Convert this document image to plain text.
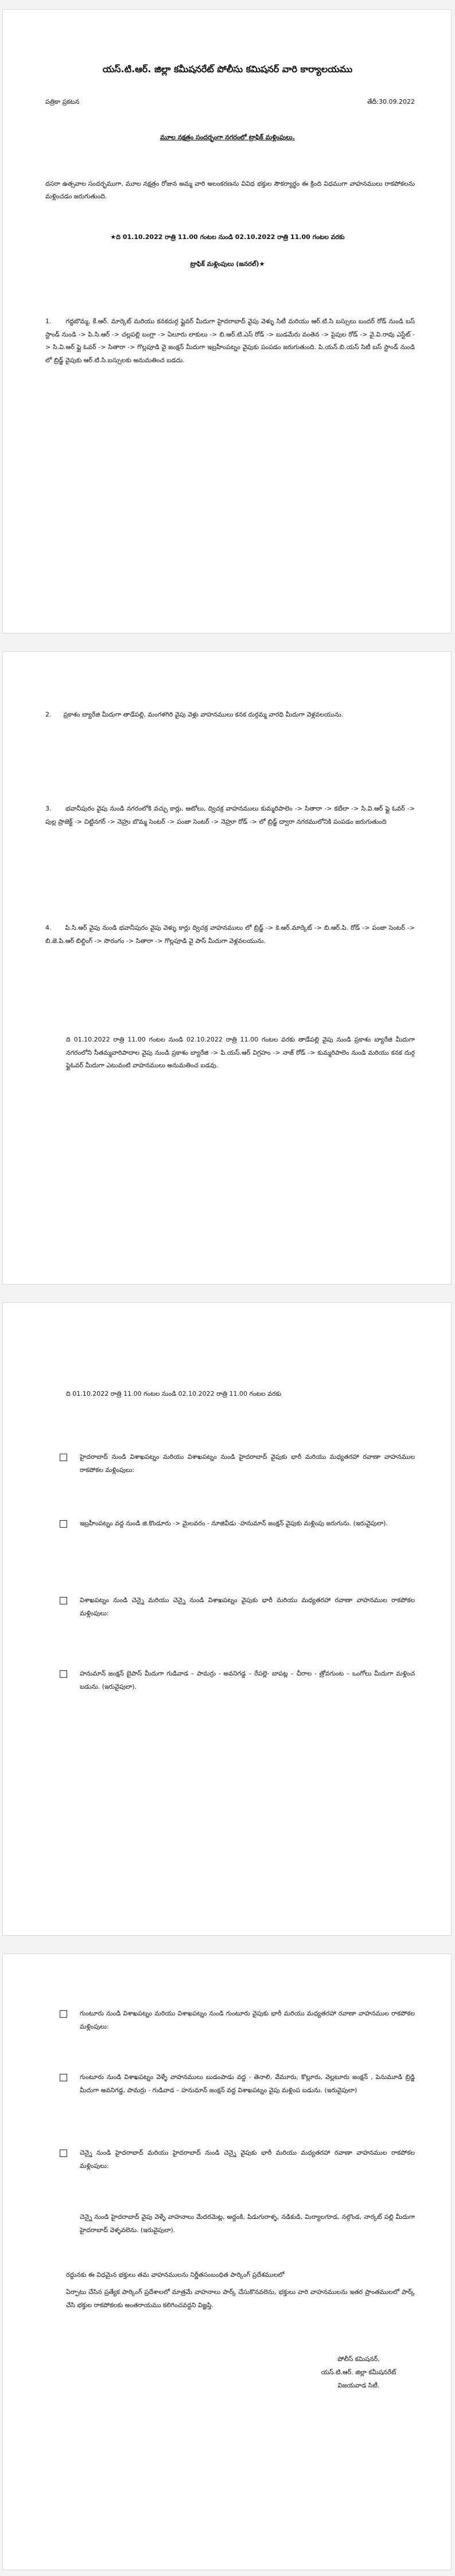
యస్.టి.ఆర్. జిల్లా కమీషనరేట్ పోలీసు కమిషనర్ వారి కార్యాలయము
పత్రికా ప్రకటన	తేదీ:30.09.2022
మూల నక్షత్రం సందర్భంగా నగరంలో ట్రాఫిక్ మళ్లింపులు.
దసరా ఉత్సవాల సందర్భముగా, మూల నక్షత్రం రోజున అమ్మ వారి అలంకరణను వివిధ భక్తుల సౌకర్యార్థం ఈ క్రింది విధముగా వాహనములు రాకపోకలను మళ్లించడం జరుగుతుంది.
★ది 01.10.2022 రాత్రి 11.00 గంటల నుండి 02.10.2022 రాత్రి 11.00 గంటల వరకు
ట్రాఫిక్ మళ్లింపులు (జనరల్)★
1.      గద్దబొమ్మ, కే.ఆర్. మార్కెట్ మరియు కనకదుర్గ ఫ్లైవర్ మీదుగా హైదరాబాద్ వైపు వెళ్ళు సిటీ మరియు ఆర్.టి.సి బస్సులు బందర్ రోడ్ నుండి బస్ స్టాండ్ నుండి -> పి.సి.ఆర్ -> చల్లపల్లి బంగ్లా -> ఏలూరు లాకులు -> బి.ఆర్.టి.ఎస్ రోడ్ -> బుడమేరు వంతెన -> పైపుల రోడ్ -> వై.వి.రావు ఎస్టేట్ -> సి.వి.ఆర్ ఫ్లై ఓవర్ -> సితారా -> గొల్లపూడి వై జంక్షన్ మీదుగా ఇబ్రహీంపట్నం వైపుకు పంపడం జరుగుతుంది. పి.యన్.బి.యస్ సిటీ బస్ స్టాండ్ నుండి లో బ్రిడ్జ్ వైపుకు ఆర్.టి.సి.బస్సులకు అనుమతించ బడదు.
2.      ప్రకాశం బ్యారేజి మీదుగా తాడేపల్లి, మంగళగిరి వైపు వెళ్లు వాహనములు కనక దుర్గమ్మ వారధి మీదుగా వెళ్లవలయును.
3.      భవానీపురం వైపు నుండి నగరంలోకి వచ్చు కార్లు, ఆటోలు, ద్విచక్ర వాహనములు కుమ్మరిపాలెం -> సితారా -> కబేలా -> సి.వి.ఆర్ ఫ్లై ఓవర్ -> పుల్ల ప్రాజెక్ట్ -> చిట్టినగర్ -> నెహ్రు బొమ్మ సెంటర్ -> పంజా సెంటర్ -> నెహ్రూ రోడ్ -> లో బ్రిడ్జ్ ద్వారా నగరములోనికి పంపడం జరుగుతుంది
4.      పి.సి.ఆర్ వైపు నుండి భవానీపురం వైపు వెళ్ళు కార్లు ద్విచక్ర వాహనములు లో బ్రిడ్జ్ -> కె.ఆర్.మార్కెట్ -> బి.ఆర్.పి. రోడ్ -> పంజా సెంటర్ -> బి.జె.పి.ఆర్ బిల్డింగ్ -> సొరంగం -> సితారా -> గొల్లపూడి వై పాస్ మీదుగా వెళ్లవలయును.
ది 01.10.2022 రాత్రి 11.00 గంటల నుండి 02.10.2022 రాత్రి 11.00 గంటల వరకు తాడేపల్లి వైపు నుండి ప్రకాశం బ్యారేజి మీదుగా నగరంలోని సీతమ్మవారిపాదాల వైపు నుండి ప్రకాశం బ్యారేజి -> పి.యస్.ఆర్ విగ్రహం -> నాజ్ రోడ్ -> కుమ్మరిపాలెం నుండి మరియు కనక దుర్గ ఫ్లైఓవర్ మీదుగా ఎటువంటి వాహనములు అనుమతించ బడవు.
ది 01.10.2022 రాత్రి 11.00 గంటల నుండి 02.10.2022 రాత్రి 11.00 గంటల వరకు
హైదరాబాద్ నుండి విశాఖపట్నం మరియు విశాఖపట్నం నుండి హైదరాబాద్ వైపుకు భారీ మరియు మధ్యతరహా రవాణా వాహనముల రాకపోకల మళ్లింపులు:
ఇబ్రహీంపట్నం వద్ద నుండి జి.కొండూరు -> మైలవరం - నూజివీడు -హనుమాన్ జంక్షన్ వైపుకు మళ్లింపు జరుగును. (ఇరువైపులా).
విశాఖపట్నం నుండి చెన్నై మరియు చెన్నై నుండి విశాఖపట్నం వైపుకు భారీ మరియు మధ్యతరహా రవాణా వాహనముల రాకపోకల మళ్లింపులు:
హనుమాన్ జంక్షన్ బైపాస్ మీదుగా గుడివాడ – పామర్రు - అవనిగడ్డ – రేపల్లె- బాపట్ల – చీరాల - త్రోవగుంట – ఒంగోలు మీదుగా మళ్లించ బడును. (ఇరువైపులా).
గుంటూరు నుండి విశాఖపట్నం మరియు విశాఖపట్నం నుండి గుంటూరు వైపుకు భారీ మరియు మధ్యతరహా రవాణా వాహనముల రాకపోకల మళ్లింపులు:
గుంటూరు నుండి విశాఖపట్నం వెళ్ళే వాహనములు బుడంపాడు వద్ద - తెనాలి, వేమూరు, కొల్లూరు, వెల్లటూరు జంక్షన్ , పెనుమూడి బ్రిడ్జి మీదుగా అవనిగడ్డ, పామర్రు - గుడివాడ – హనుమాన్ జంక్షన్ వద్ద విశాఖపట్నం వైపు మళ్లింప బడును. (ఇరువైపులా)
చెన్నై నుండి హైదరాబాద్ మరియు హైదరాబాద్ నుండి చెన్నై వైపుకు భారీ మరియు మధ్యతరహా రవాణా వాహనముల రాకపోకల మళ్లింపులు:
చెన్నై నుండి హైదరాబాద్ వైపు వెళ్ళే వాహనాలు మేదరమెట్ల, అద్దంకి, పిడుగురాళ్ళ, నడికుడి, మిర్యాలగూడ, నల్గొండ, నార్కట్ పల్లి మీదుగా హైదరాబాద్ వెళ్ళవలెను. (ఇరువైపులా).
రద్దునకు ఈ విధమైన భక్తులు తమ వాహనములను నిర్ణీతసంబంధిత పార్కింగ్ ప్రదేశములలో
ఏర్పాటు చేసిన ప్రత్యేక పార్కింగ్ ప్రదేశాలలో మాత్రమే వాహనాలు పార్క్ చేసుకొనవలెను, భక్తులు వారి వాహనములను ఇతర ప్రాంతములలో పార్క్ చేసి భక్తుల రాకపోకలకు అంతరాయము కలిగించవద్దని విజ్ఞప్తి.
పోలీస్ కమిషనర్,
యస్.టి.ఆర్. జిల్లా కమీషనరేట్
విజయవాడ సిటీ.
